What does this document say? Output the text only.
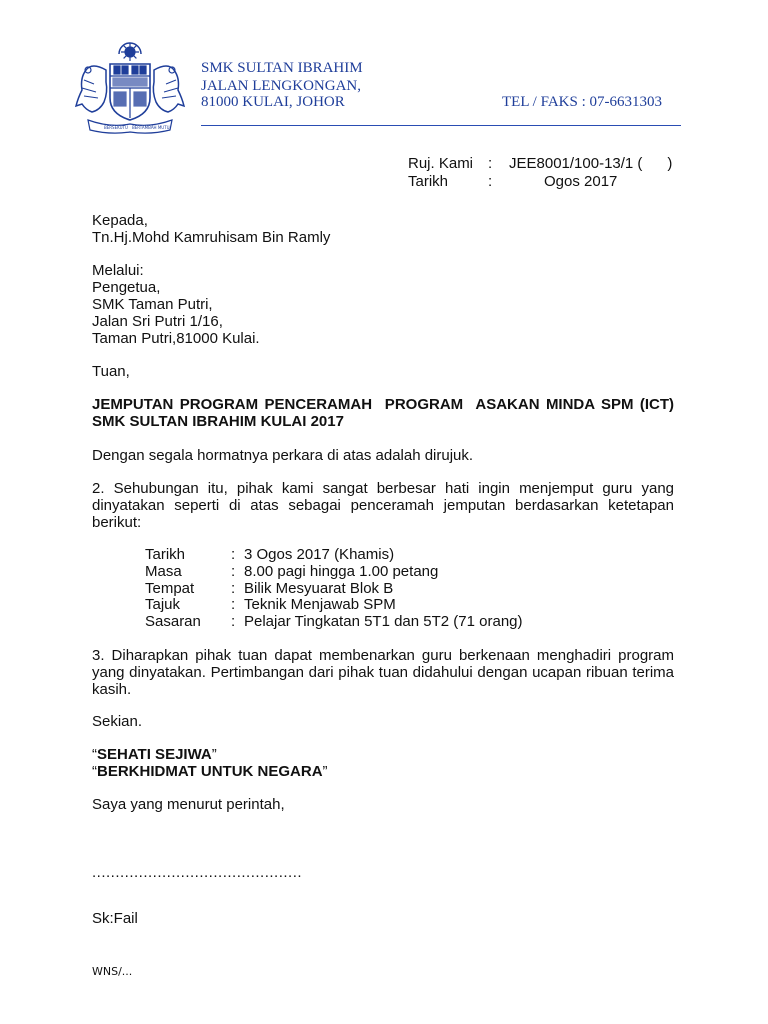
BERSEKUTU BERTAMBAH MUTU
SMK SULTAN IBRAHIM
JALAN LENGKONGAN,
81000 KULAI, JOHOR	TEL / FAKS : 07-6631303
Ruj. Kami : JEE8001/100-13/1 (      )
Tarikh	:	Ogos 2017
Kepada,
Tn.Hj.Mohd Kamruhisam Bin Ramly
Melalui:
Pengetua,
SMK Taman Putri,
Jalan Sri Putri 1/16,
Taman Putri,81000 Kulai.
Tuan,
JEMPUTAN PROGRAM PENCERAMAH  PROGRAM  ASAKAN MINDA SPM (ICT) SMK SULTAN IBRAHIM KULAI 2017
Dengan segala hormatnya perkara di atas adalah dirujuk.
2. Sehubungan itu, pihak kami sangat berbesar hati ingin menjemput guru yang dinyatakan seperti di atas sebagai penceramah jemputan berdasarkan ketetapan berikut:
Tarikh	:	3 Ogos 2017 (Khamis)
Masa	:	8.00 pagi hingga 1.00 petang
Tempat	:	Bilik Mesyuarat Blok B
Tajuk	:	Teknik Menjawab SPM
Sasaran	:	Pelajar Tingkatan 5T1 dan 5T2 (71 orang)
3. Diharapkan pihak tuan dapat membenarkan guru berkenaan menghadiri program yang dinyatakan. Pertimbangan dari pihak tuan didahului dengan ucapan ribuan terima kasih.
Sekian.
“SEHATI SEJIWA”
“BERKHIDMAT UNTUK NEGARA”
Saya yang menurut perintah,
.............................................
Sk:Fail
WNS/...
